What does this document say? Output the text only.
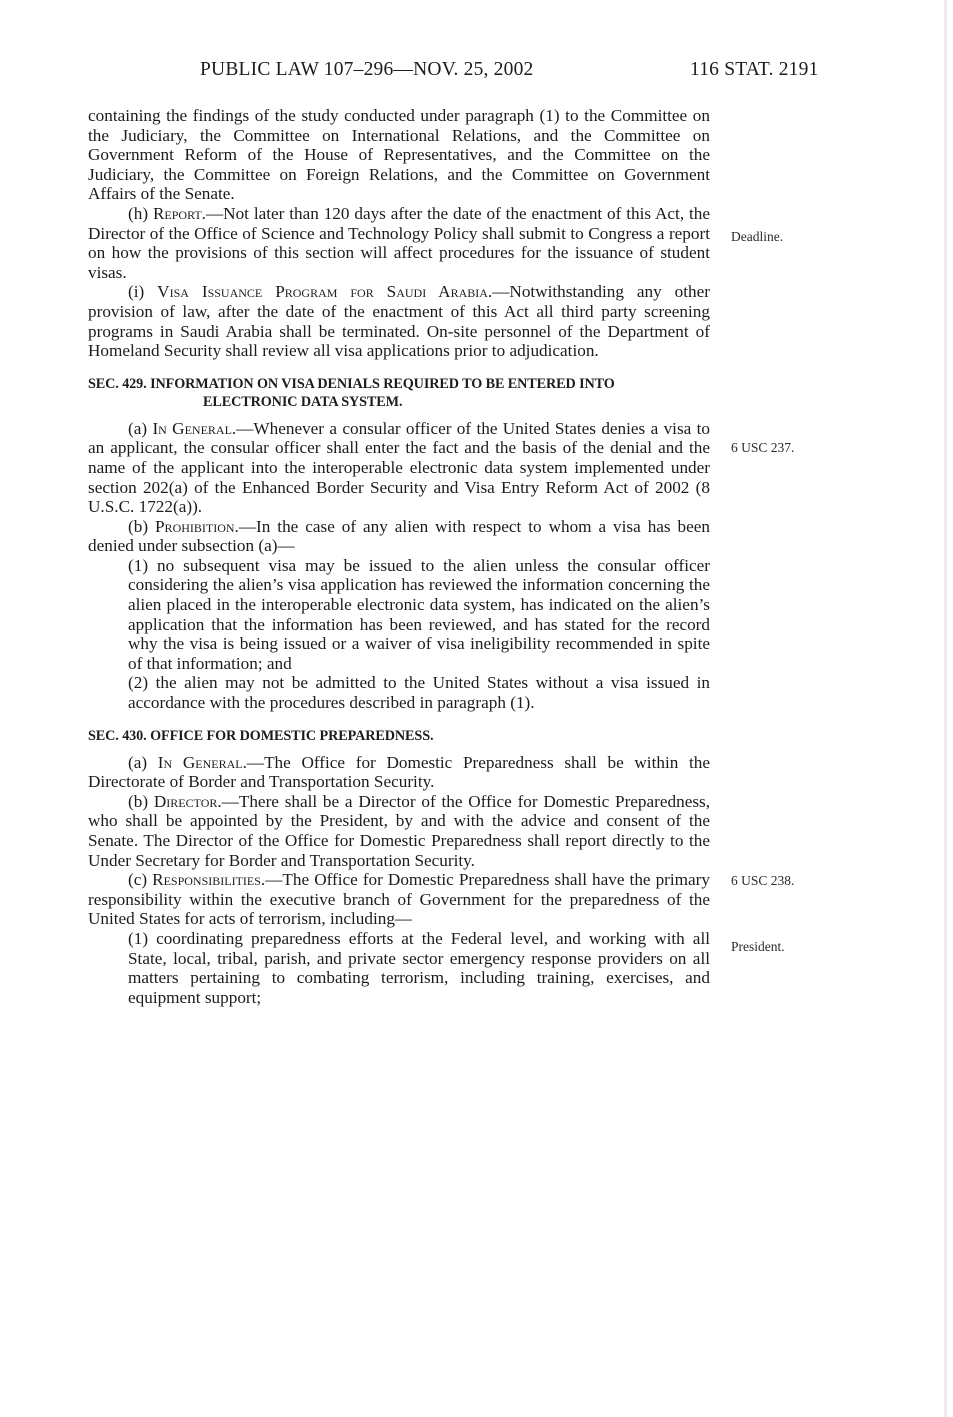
PUBLIC LAW 107–296—NOV. 25, 2002	116 STAT. 2191

containing the findings of the study conducted under paragraph (1) to the Committee on the Judiciary, the Committee on International Relations, and the Committee on Government Reform of the House of Representatives, and the Committee on the Judiciary, the Committee on Foreign Relations, and the Committee on Government Affairs of the Senate.

(h) Report.—Not later than 120 days after the date of the enactment of this Act, the Director of the Office of Science and Technology Policy shall submit to Congress a report on how the provisions of this section will affect procedures for the issuance of student visas.

(i) Visa Issuance Program for Saudi Arabia.—Notwithstanding any other provision of law, after the date of the enactment of this Act all third party screening programs in Saudi Arabia shall be terminated. On-site personnel of the Department of Homeland Security shall review all visa applications prior to adjudication.

SEC. 429. INFORMATION ON VISA DENIALS REQUIRED TO BE ENTERED INTO ELECTRONIC DATA SYSTEM.

(a) In General.—Whenever a consular officer of the United States denies a visa to an applicant, the consular officer shall enter the fact and the basis of the denial and the name of the applicant into the interoperable electronic data system implemented under section 202(a) of the Enhanced Border Security and Visa Entry Reform Act of 2002 (8 U.S.C. 1722(a)).

(b) Prohibition.—In the case of any alien with respect to whom a visa has been denied under subsection (a)—

(1) no subsequent visa may be issued to the alien unless the consular officer considering the alien’s visa application has reviewed the information concerning the alien placed in the interoperable electronic data system, has indicated on the alien’s application that the information has been reviewed, and has stated for the record why the visa is being issued or a waiver of visa ineligibility recommended in spite of that information; and

(2) the alien may not be admitted to the United States without a visa issued in accordance with the procedures described in paragraph (1).

SEC. 430. OFFICE FOR DOMESTIC PREPAREDNESS.

(a) In General.—The Office for Domestic Preparedness shall be within the Directorate of Border and Transportation Security.

(b) Director.—There shall be a Director of the Office for Domestic Preparedness, who shall be appointed by the President, by and with the advice and consent of the Senate. The Director of the Office for Domestic Preparedness shall report directly to the Under Secretary for Border and Transportation Security.

(c) Responsibilities.—The Office for Domestic Preparedness shall have the primary responsibility within the executive branch of Government for the preparedness of the United States for acts of terrorism, including—

(1) coordinating preparedness efforts at the Federal level, and working with all State, local, tribal, parish, and private sector emergency response providers on all matters pertaining to combating terrorism, including training, exercises, and equipment support;

Deadline.
6 USC 237.
6 USC 238.
President.
